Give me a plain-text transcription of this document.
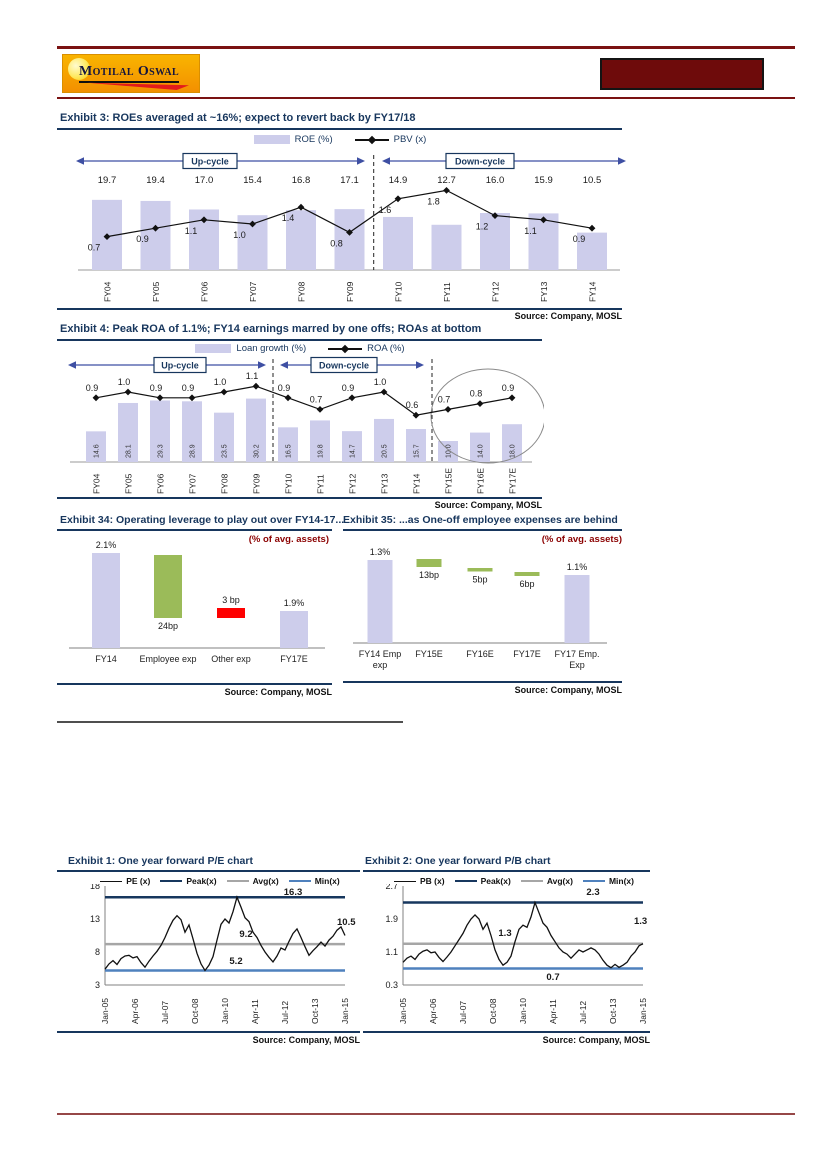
Motilal Oswal
Exhibit 3: ROEs averaged at ~16%; expect to revert back by FY17/18
ROE (%)	PBV (x)
FY04
19.7
FY05
19.4
FY06
17.0
FY07
15.4
FY08
16.8
FY09
17.1
FY10
14.9
FY11
12.7
FY12
16.0
FY13
15.9
FY14
10.5
Up-cycle	Down-cycle
0.7
0.9
1.1	1.0
1.4
0.8
1.6
1.8
1.2	1.1
0.9
Source: Company, MOSL
Exhibit 4: Peak ROA of 1.1%; FY14 earnings marred by one offs; ROAs at bottom
Loan growth (%)	ROA (%)
FY04
14.6
FY05
28.1
FY06
29.3
FY07
28.9
FY08
23.5
FY09
30.2
FY10
16.5
FY11
19.8
FY12
14.7
FY13
20.5
FY14
15.7
FY15E
10.0
FY16E
14.0
FY17E
18.0
Up-cycle	Down-cycle
0.9
1.0
0.9 0.9
1.0
1.1
0.9
0.7
0.9
1.0
0.6
0.7
0.8
0.9
Source: Company, MOSL
Exhibit 34: Operating leverage to play out over FY14-17...
(% of avg. assets)
2.1%
FY14
24bp
Employee exp
3 bp
Other exp
1.9%
FY17E
Source: Company, MOSL
Exhibit 35: ...as One-off employee expenses are behind
(% of avg. assets)
1.3%
FY14 Emp
exp
13bp
FY15E
5bp
FY16E
6bp
FY17E
1.1%
FY17 Emp.
Exp
Source: Company, MOSL
Exhibit 1: One year forward P/E chart
PE (x)	Peak(x)	Avg(x)	Min(x)
18
13
8
3
Jan-05 Apr-06 Jul-07 Oct-08 Jan-10 Apr-11 Jul-12 Oct-13 Jan-15
16.3
9.2
5.2
10.5
Source: Company, MOSL
Exhibit 2: One year forward P/B chart
PB (x)	Peak(x)	Avg(x)	Min(x)
2.7
1.9
1.1
0.3
Jan-05 Apr-06 Jul-07 Oct-08 Jan-10 Apr-11 Jul-12 Oct-13 Jan-15
2.3
1.3
0.7
1.3
Source: Company, MOSL
